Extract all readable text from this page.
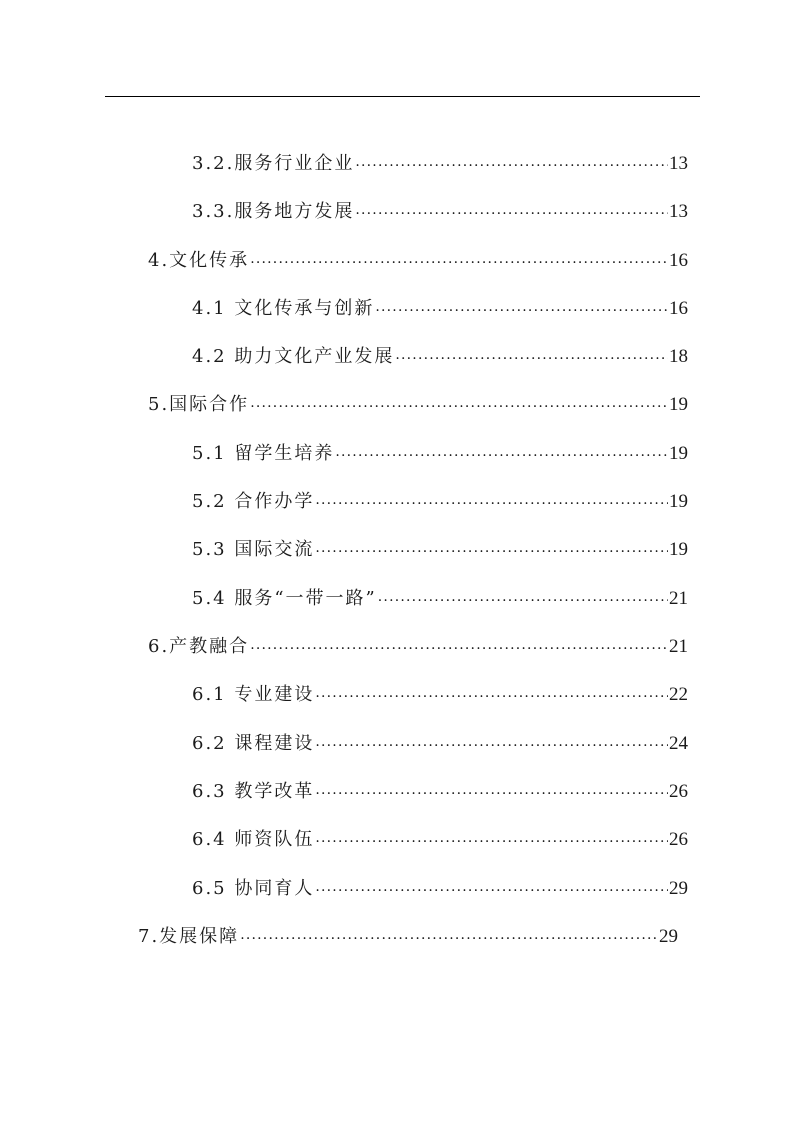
3.2.服务行业企业 ·····	13
3.3.服务地方发展 ·····	13
4.文化传承 ·····	16
4.1 文化传承与创新 ·····	16
4.2 助力文化产业发展 ·····	18
5.国际合作 ·····	19
5.1 留学生培养 ·····	19
5.2 合作办学 ·····	19
5.3 国际交流 ·····	19
5.4 服务“一带一路” ·····	21
6.产教融合 ·····	21
6.1 专业建设 ·····	22
6.2 课程建设 ·····	24
6.3 教学改革 ·····	26
6.4 师资队伍 ·····	26
6.5 协同育人 ·····	29
7.发展保障 ·····	29
